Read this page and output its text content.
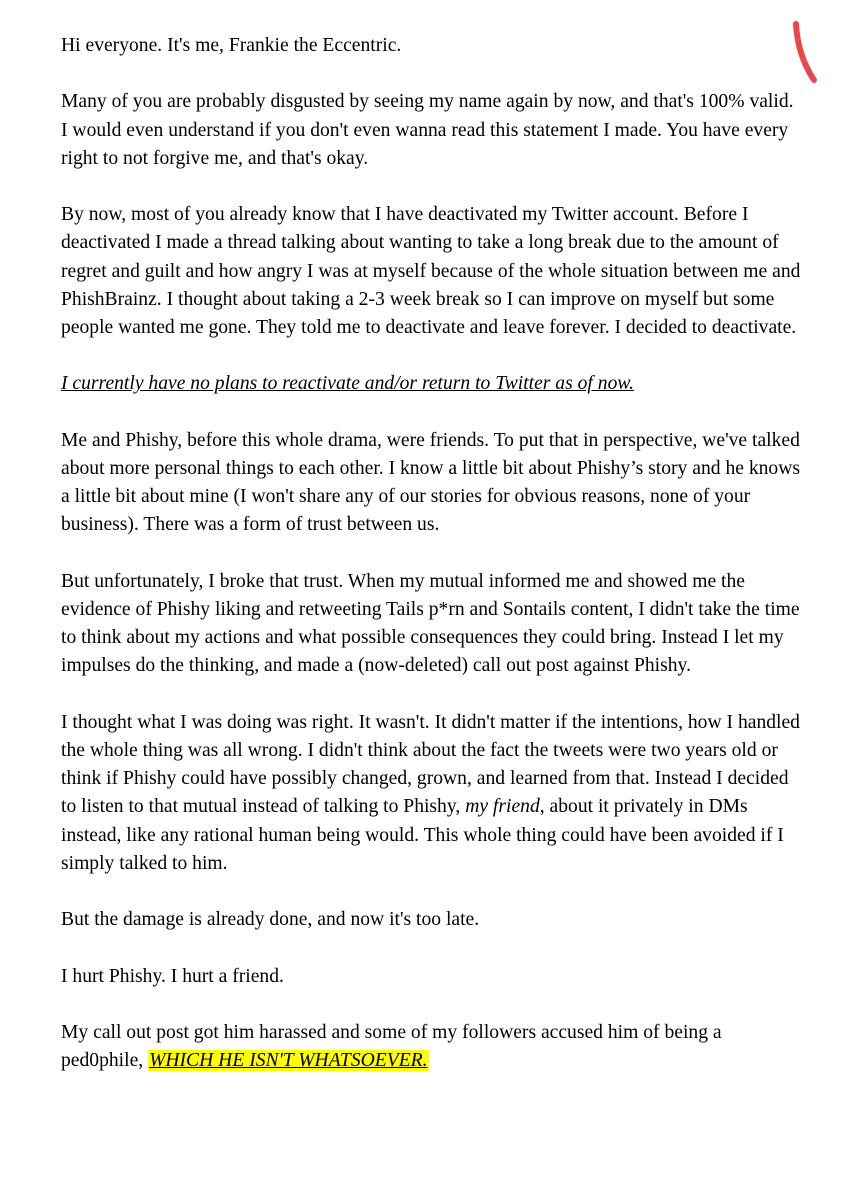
Hi everyone. It's me, Frankie the Eccentric.

Many of you are probably disgusted by seeing my name again by now, and that's 100% valid. I would even understand if you don't even wanna read this statement I made. You have every right to not forgive me, and that's okay.

By now, most of you already know that I have deactivated my Twitter account. Before I deactivated I made a thread talking about wanting to take a long break due to the amount of regret and guilt and how angry I was at myself because of the whole situation between me and PhishBrainz. I thought about taking a 2-3 week break so I can improve on myself but some people wanted me gone. They told me to deactivate and leave forever. I decided to deactivate.

I currently have no plans to reactivate and/or return to Twitter as of now.

Me and Phishy, before this whole drama, were friends. To put that in perspective, we've talked about more personal things to each other. I know a little bit about Phishy’s story and he knows a little bit about mine (I won't share any of our stories for obvious reasons, none of your business). There was a form of trust between us.

But unfortunately, I broke that trust. When my mutual informed me and showed me the evidence of Phishy liking and retweeting Tails p*rn and Sontails content, I didn't take the time to think about my actions and what possible consequences they could bring. Instead I let my impulses do the thinking, and made a (now-deleted) call out post against Phishy.

I thought what I was doing was right. It wasn't. It didn't matter if the intentions, how I handled the whole thing was all wrong. I didn't think about the fact the tweets were two years old or think if Phishy could have possibly changed, grown, and learned from that. Instead I decided to listen to that mutual instead of talking to Phishy, my friend, about it privately in DMs instead, like any rational human being would. This whole thing could have been avoided if I simply talked to him.

But the damage is already done, and now it's too late.

I hurt Phishy. I hurt a friend.

My call out post got him harassed and some of my followers accused him of being a ped0phile, WHICH HE ISN'T WHATSOEVER.
